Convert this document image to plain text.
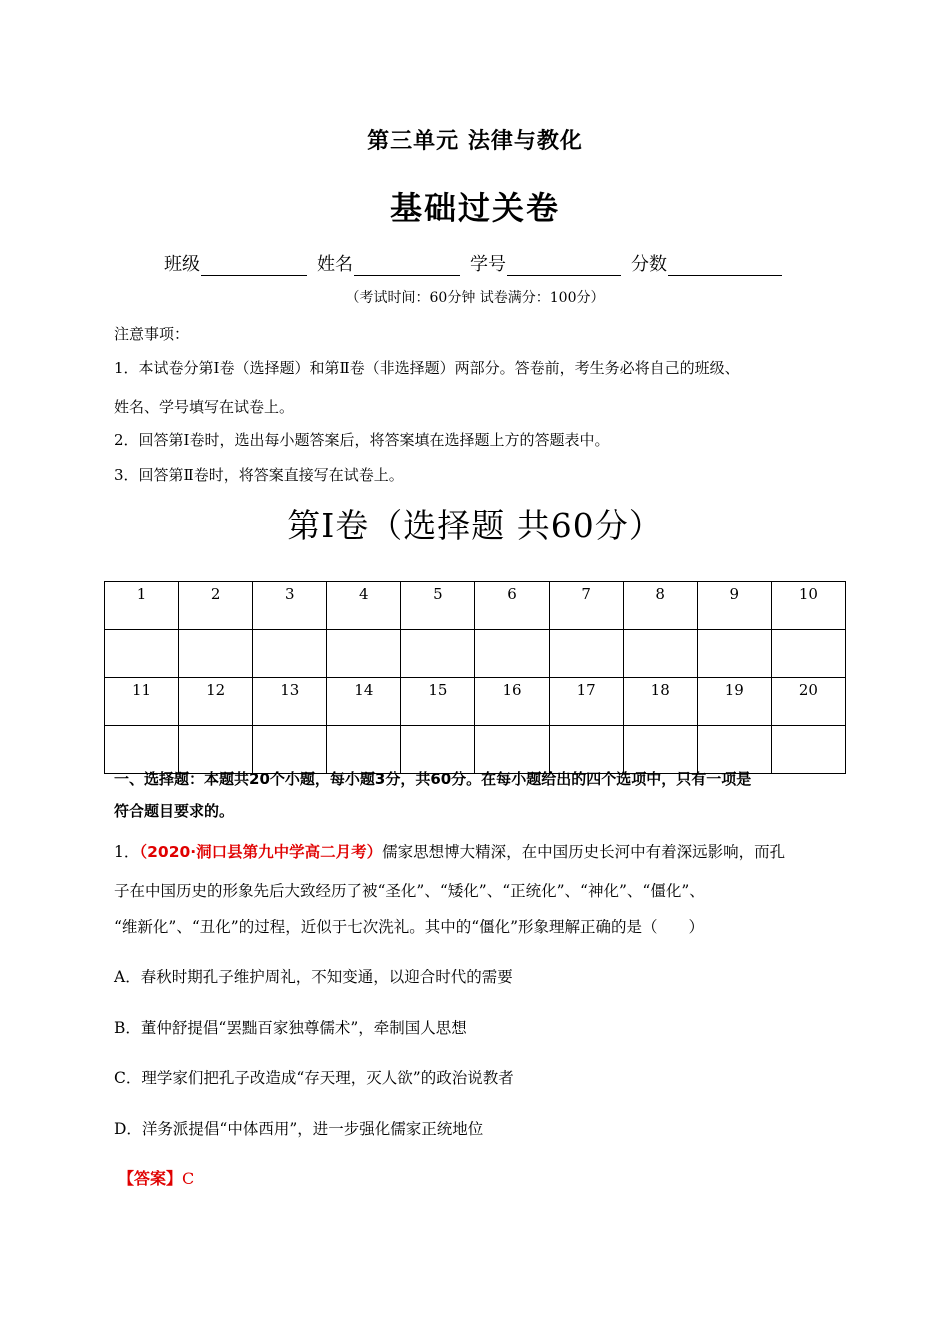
第三单元 法律与教化
基础过关卷
班级	姓名	学号	分数
（考试时间：60分钟 试卷满分：100分）
注意事项：
1．本试卷分第Ⅰ卷（选择题）和第Ⅱ卷（非选择题）两部分。答卷前，考生务必将自己的班级、
姓名、学号填写在试卷上。
2．回答第Ⅰ卷时，选出每小题答案后，将答案填在选择题上方的答题表中。
3．回答第Ⅱ卷时，将答案直接写在试卷上。
第Ⅰ卷（选择题 共60分）
1	2	3	4	5	6	7	8	9	10

11	12	13	14	15	16	17	18	19	20

一、选择题：本题共20个小题，每小题3分，共60分。在每小题给出的四个选项中，只有一项是
符合题目要求的。
1．（2020·洞口县第九中学高二月考）儒家思想博大精深，在中国历史长河中有着深远影响，而孔
子在中国历史的形象先后大致经历了被“圣化”、“矮化”、“正统化”、“神化”、“僵化”、
“维新化”、“丑化”的过程，近似于七次洗礼。其中的“僵化”形象理解正确的是（　　）
A．春秋时期孔子维护周礼，不知变通，以迎合时代的需要
B．董仲舒提倡“罢黜百家独尊儒术”，牵制国人思想
C．理学家们把孔子改造成“存天理，灭人欲”的政治说教者
D．洋务派提倡“中体西用”，进一步强化儒家正统地位
【答案】C
